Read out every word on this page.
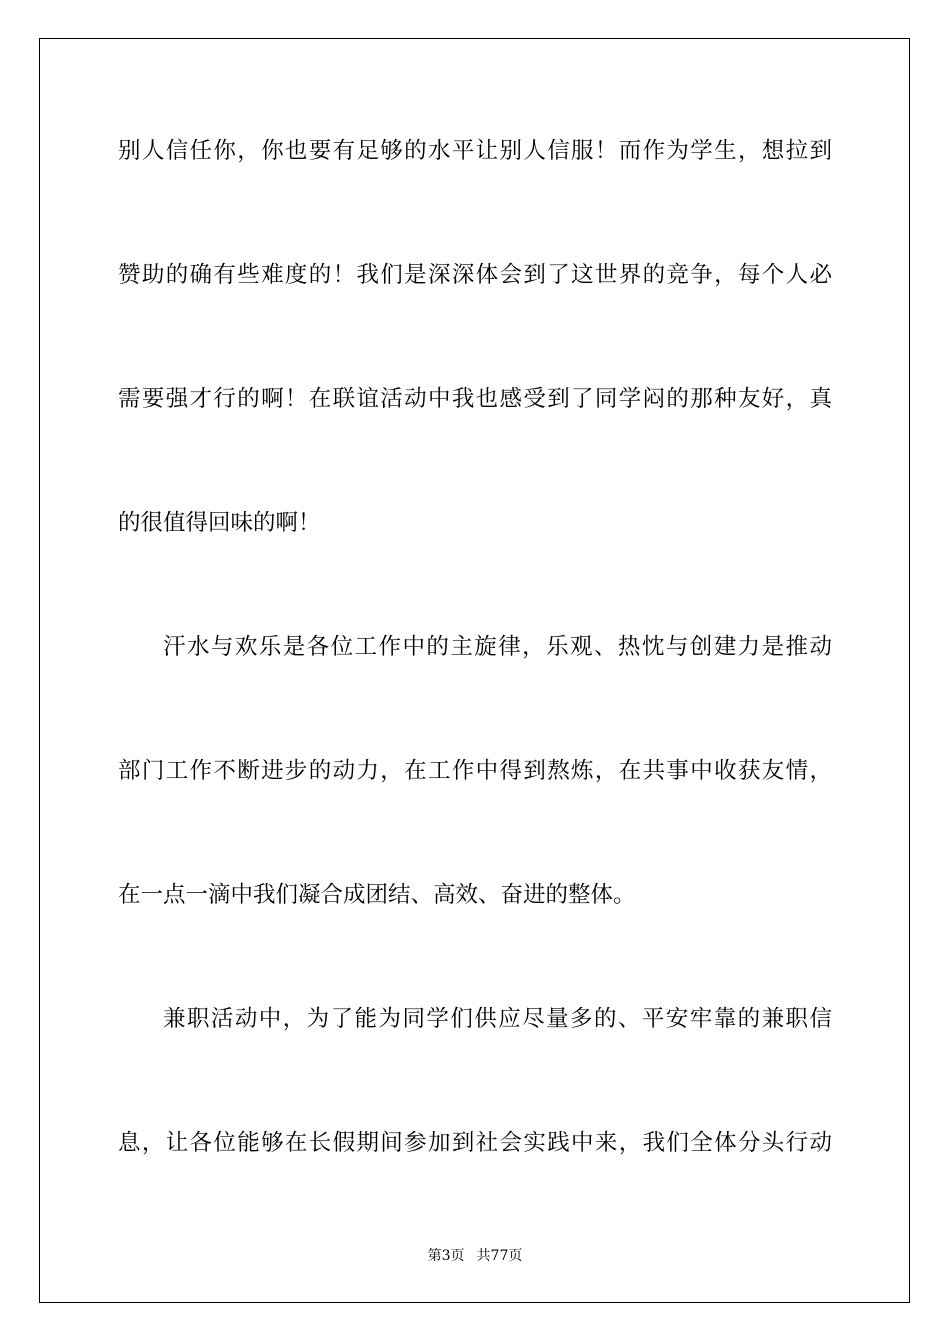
别人信任你，你也要有足够的水平让别人信服！而作为学生，想拉到
赞助的确有些难度的！我们是深深体会到了这世界的竞争，每个人必
需要强才行的啊！在联谊活动中我也感受到了同学闷的那种友好，真
的很值得回味的啊！
汗水与欢乐是各位工作中的主旋律，乐观、热忱与创建力是推动
部门工作不断进步的动力，在工作中得到熬炼，在共事中收获友情，
在一点一滴中我们凝合成团结、高效、奋进的整体。
兼职活动中，为了能为同学们供应尽量多的、平安牢靠的兼职信
息，让各位能够在长假期间参加到社会实践中来，我们全体分头行动
第3页 共77页
